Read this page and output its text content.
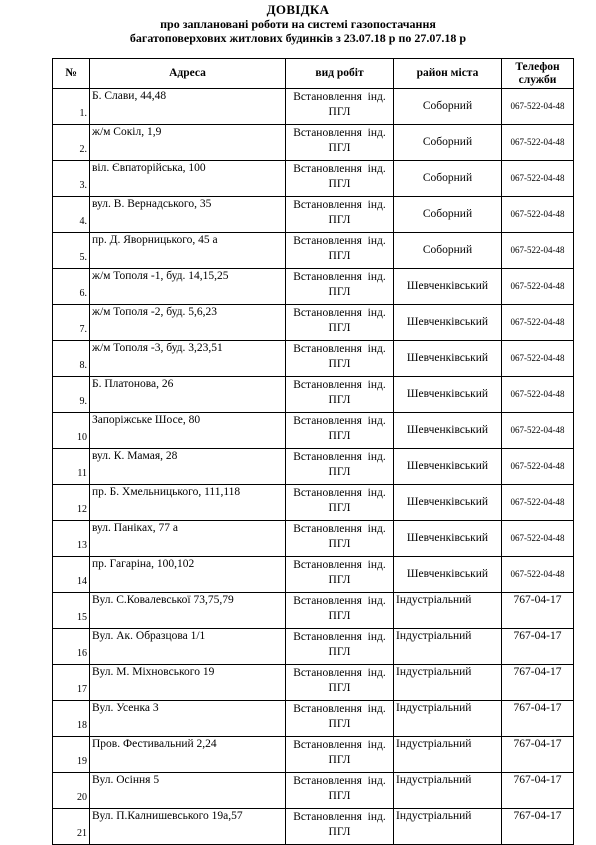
ДОВІДКА
про заплановані роботи на системі газопостачання
багатоповерхових житлових будинків з 23.07.18 р по 27.07.18 р
№	Адреса	вид робіт	район міста	Телефон служби
1.	Б. Слави, 44,48	Встановлення  інд.
ПГЛ	Соборний	067-522-04-48
2.	ж/м Сокіл, 1,9	Встановлення  інд.
ПГЛ	Соборний	067-522-04-48
3.	віл. Євпаторійська, 100	Встановлення  інд.
ПГЛ	Соборний	067-522-04-48
4.	вул. В. Вернадського, 35	Встановлення  інд.
ПГЛ	Соборний	067-522-04-48
5.	пр. Д. Яворницького, 45 а	Встановлення  інд.
ПГЛ	Соборний	067-522-04-48
6.	ж/м Тополя -1, буд. 14,15,25	Встановлення  інд.
ПГЛ	Шевченківський	067-522-04-48
7.	ж/м Тополя -2, буд. 5,6,23	Встановлення  інд.
ПГЛ	Шевченківський	067-522-04-48
8.	ж/м Тополя -3, буд. 3,23,51	Встановлення  інд.
ПГЛ	Шевченківський	067-522-04-48
9.	Б. Платонова, 26	Встановлення  інд.
ПГЛ	Шевченківський	067-522-04-48
10	Запоріжське Шосе, 80	Встановлення  інд.
ПГЛ	Шевченківський	067-522-04-48
11	вул. К. Мамая, 28	Встановлення  інд.
ПГЛ	Шевченківський	067-522-04-48
12	пр. Б. Хмельницького, 111,118	Встановлення  інд.
ПГЛ	Шевченківський	067-522-04-48
13	вул. Паніках, 77 а	Встановлення  інд.
ПГЛ	Шевченківський	067-522-04-48
14	пр. Гагаріна, 100,102	Встановлення  інд.
ПГЛ	Шевченківський	067-522-04-48
15	Вул. С.Ковалевської 73,75,79	Встановлення  інд.
ПГЛ	Індустріальний	767-04-17
16	Вул. Ак. Образцова 1/1	Встановлення  інд.
ПГЛ	Індустріальний	767-04-17
17	Вул. М. Міхновського 19	Встановлення  інд.
ПГЛ	Індустріальний	767-04-17
18	Вул. Усенка 3	Встановлення  інд.
ПГЛ	Індустріальний	767-04-17
19	Пров. Фестивальний 2,24	Встановлення  інд.
ПГЛ	Індустріальний	767-04-17
20	Вул. Осіння 5	Встановлення  інд.
ПГЛ	Індустріальний	767-04-17
21	Вул. П.Калнишевського 19а,57	Встановлення  інд.
ПГЛ	Індустріальний	767-04-17
